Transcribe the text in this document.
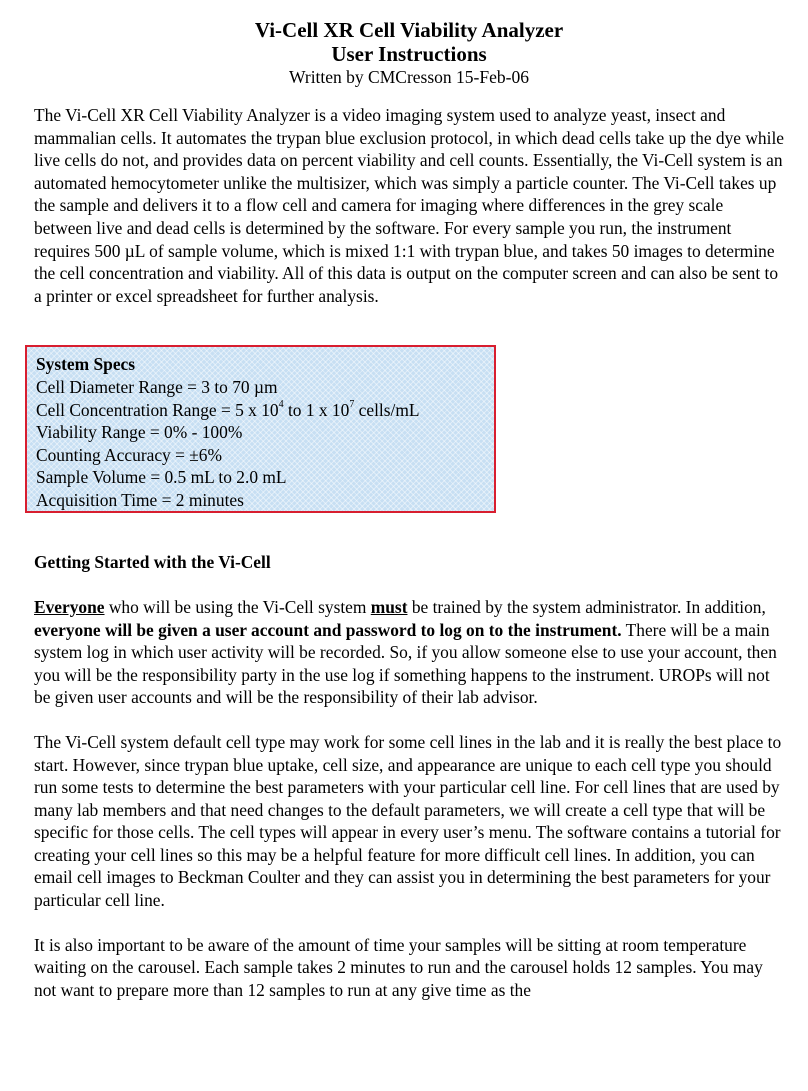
Vi-Cell XR Cell Viability Analyzer
User Instructions
Written by CMCresson 15-Feb-06

The Vi-Cell XR Cell Viability Analyzer is a video imaging system used to analyze yeast, insect and mammalian cells. It automates the trypan blue exclusion protocol, in which dead cells take up the dye while live cells do not, and provides data on percent viability and cell counts. Essentially, the Vi-Cell system is an automated hemocytometer unlike the multisizer, which was simply a particle counter. The Vi-Cell takes up the sample and delivers it to a flow cell and camera for imaging where differences in the grey scale between live and dead cells is determined by the software. For every sample you run, the instrument requires 500 µL of sample volume, which is mixed 1:1 with trypan blue, and takes 50 images to determine the cell concentration and viability. All of this data is output on the computer screen and can also be sent to a printer or excel spreadsheet for further analysis.

System Specs
Cell Diameter Range = 3 to 70 µm
Cell Concentration Range = 5 x $10^4$ to 1 x $10^7$ cells/mL
Viability Range = 0% - 100%
Counting Accuracy = ±6%
Sample Volume = 0.5 mL to 2.0 mL
Acquisition Time = 2 minutes
Getting Started with the Vi-Cell

Everyone who will be using the Vi-Cell system must be trained by the system administrator. In addition, everyone will be given a user account and password to log on to the instrument. There will be a main system log in which user activity will be recorded. So, if you allow someone else to use your account, then you will be the responsibility party in the use log if something happens to the instrument. UROPs will not be given user accounts and will be the responsibility of their lab advisor.

The Vi-Cell system default cell type may work for some cell lines in the lab and it is really the best place to start. However, since trypan blue uptake, cell size, and appearance are unique to each cell type you should run some tests to determine the best parameters with your particular cell line. For cell lines that are used by many lab members and that need changes to the default parameters, we will create a cell type that will be specific for those cells. The cell types will appear in every user’s menu. The software contains a tutorial for creating your cell lines so this may be a helpful feature for more difficult cell lines. In addition, you can email cell images to Beckman Coulter and they can assist you in determining the best parameters for your particular cell line.

It is also important to be aware of the amount of time your samples will be sitting at room temperature waiting on the carousel. Each sample takes 2 minutes to run and the carousel holds 12 samples. You may not want to prepare more than 12 samples to run at any give time as the
